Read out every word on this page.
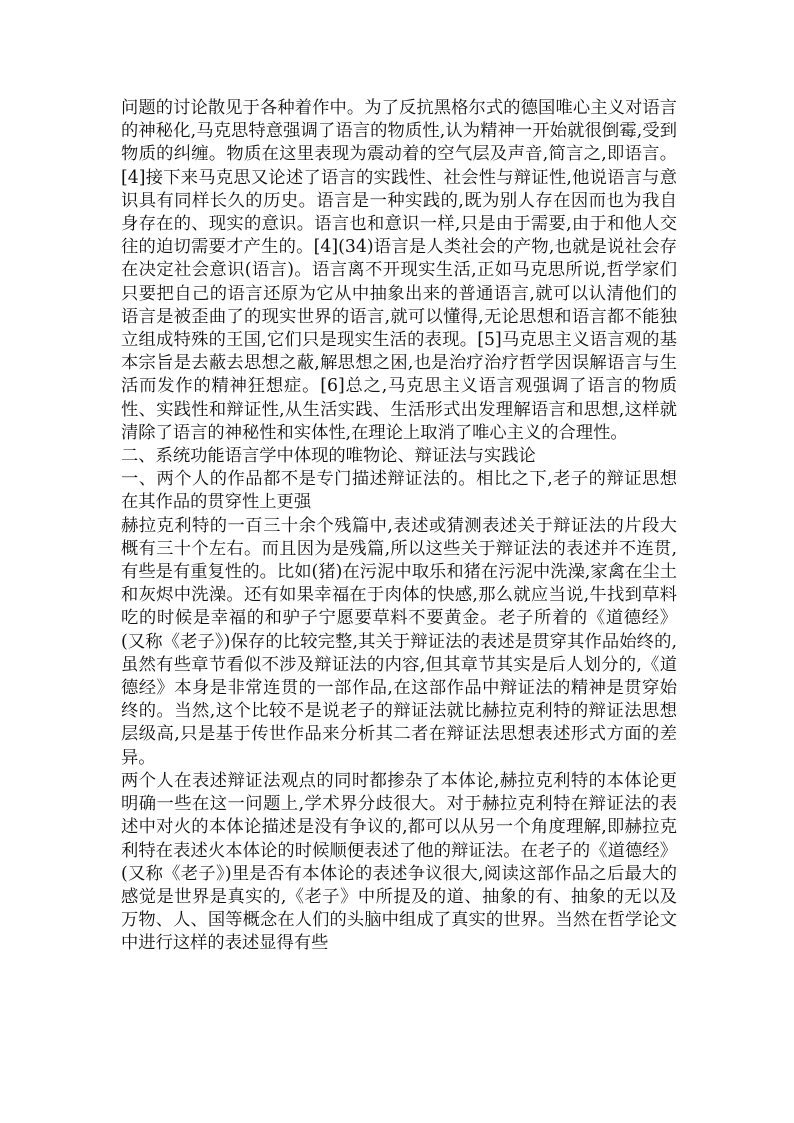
问题的讨论散见于各种着作中。为了反抗黑格尔式的德国唯心主义对语言的神秘化,马克思特意强调了语言的物质性,认为精神一开始就很倒霉,受到物质的纠缠。物质在这里表现为震动着的空气层及声音,简言之,即语言。[4]接下来马克思又论述了语言的实践性、社会性与辩证性,他说语言与意识具有同样长久的历史。语言是一种实践的,既为别人存在因而也为我自身存在的、现实的意识。语言也和意识一样,只是由于需要,由于和他人交往的迫切需要才产生的。[4](34)语言是人类社会的产物,也就是说社会存在决定社会意识(语言)。语言离不开现实生活,正如马克思所说,哲学家们只要把自己的语言还原为它从中抽象出来的普通语言,就可以认清他们的语言是被歪曲了的现实世界的语言,就可以懂得,无论思想和语言都不能独立组成特殊的王国,它们只是现实生活的表现。[5]马克思主义语言观的基本宗旨是去蔽去思想之蔽,解思想之困,也是治疗治疗哲学因误解语言与生活而发作的精神狂想症。[6]总之,马克思主义语言观强调了语言的物质性、实践性和辩证性,从生活实践、生活形式出发理解语言和思想,这样就清除了语言的神秘性和实体性,在理论上取消了唯心主义的合理性。

二、系统功能语言学中体现的唯物论、辩证法与实践论

一、两个人的作品都不是专门描述辩证法的。相比之下,老子的辩证思想在其作品的贯穿性上更强

赫拉克利特的一百三十余个残篇中,表述或猜测表述关于辩证法的片段大概有三十个左右。而且因为是残篇,所以这些关于辩证法的表述并不连贯,有些是有重复性的。比如(猪)在污泥中取乐和猪在污泥中洗澡,家禽在尘土和灰烬中洗澡。还有如果幸福在于肉体的快感,那么就应当说,牛找到草料吃的时候是幸福的和驴子宁愿要草料不要黄金。老子所着的《道德经》(又称《老子》)保存的比较完整,其关于辩证法的表述是贯穿其作品始终的,虽然有些章节看似不涉及辩证法的内容,但其章节其实是后人划分的,《道德经》本身是非常连贯的一部作品,在这部作品中辩证法的精神是贯穿始终的。当然,这个比较不是说老子的辩证法就比赫拉克利特的辩证法思想层级高,只是基于传世作品来分析其二者在辩证法思想表述形式方面的差异。

两个人在表述辩证法观点的同时都掺杂了本体论,赫拉克利特的本体论更明确一些在这一问题上,学术界分歧很大。对于赫拉克利特在辩证法的表述中对火的本体论描述是没有争议的,都可以从另一个角度理解,即赫拉克利特在表述火本体论的时候顺便表述了他的辩证法。在老子的《道德经》(又称《老子》)里是否有本体论的表述争议很大,阅读这部作品之后最大的感觉是世界是真实的,《老子》中所提及的道、抽象的有、抽象的无以及万物、人、国等概念在人们的头脑中组成了真实的世界。当然在哲学论文中进行这样的表述显得有些
